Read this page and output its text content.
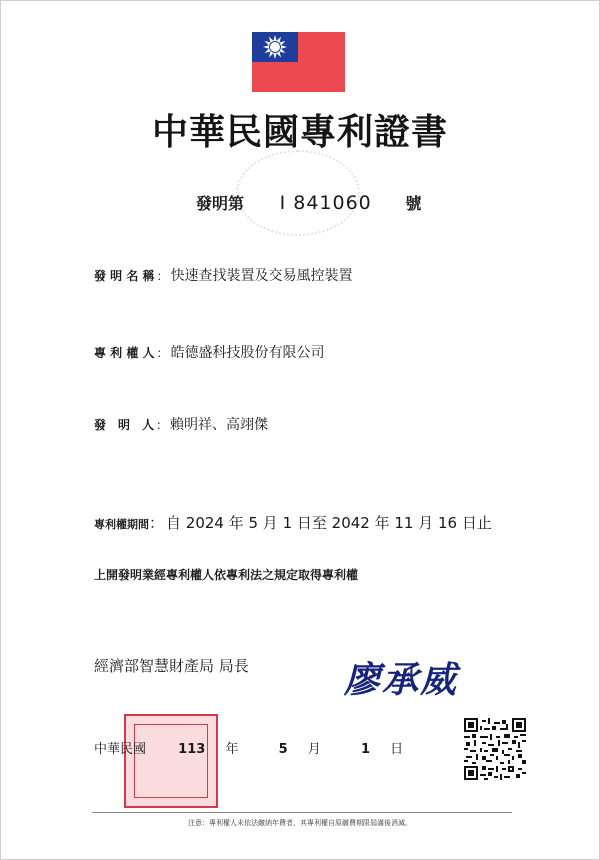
中華民國專利證書
發明第 I 841060 號
發 明 名 稱 ： 快速查找裝置及交易風控裝置
專 利 權 人 ： 皓德盛科技股份有限公司
發　明　人 ： 賴明祥、高翊傑
專利權期間： 自 2024 年 5 月 1 日至 2042 年 11 月 16 日止
上開發明業經專利權人依專利法之規定取得專利權
經濟部智慧財產局 局長	廖承威
中華民國 113 年	5 月	1 日
注意：專利權人未依法繳納年費者，其專利權自原繳費期限屆滿後消滅。
